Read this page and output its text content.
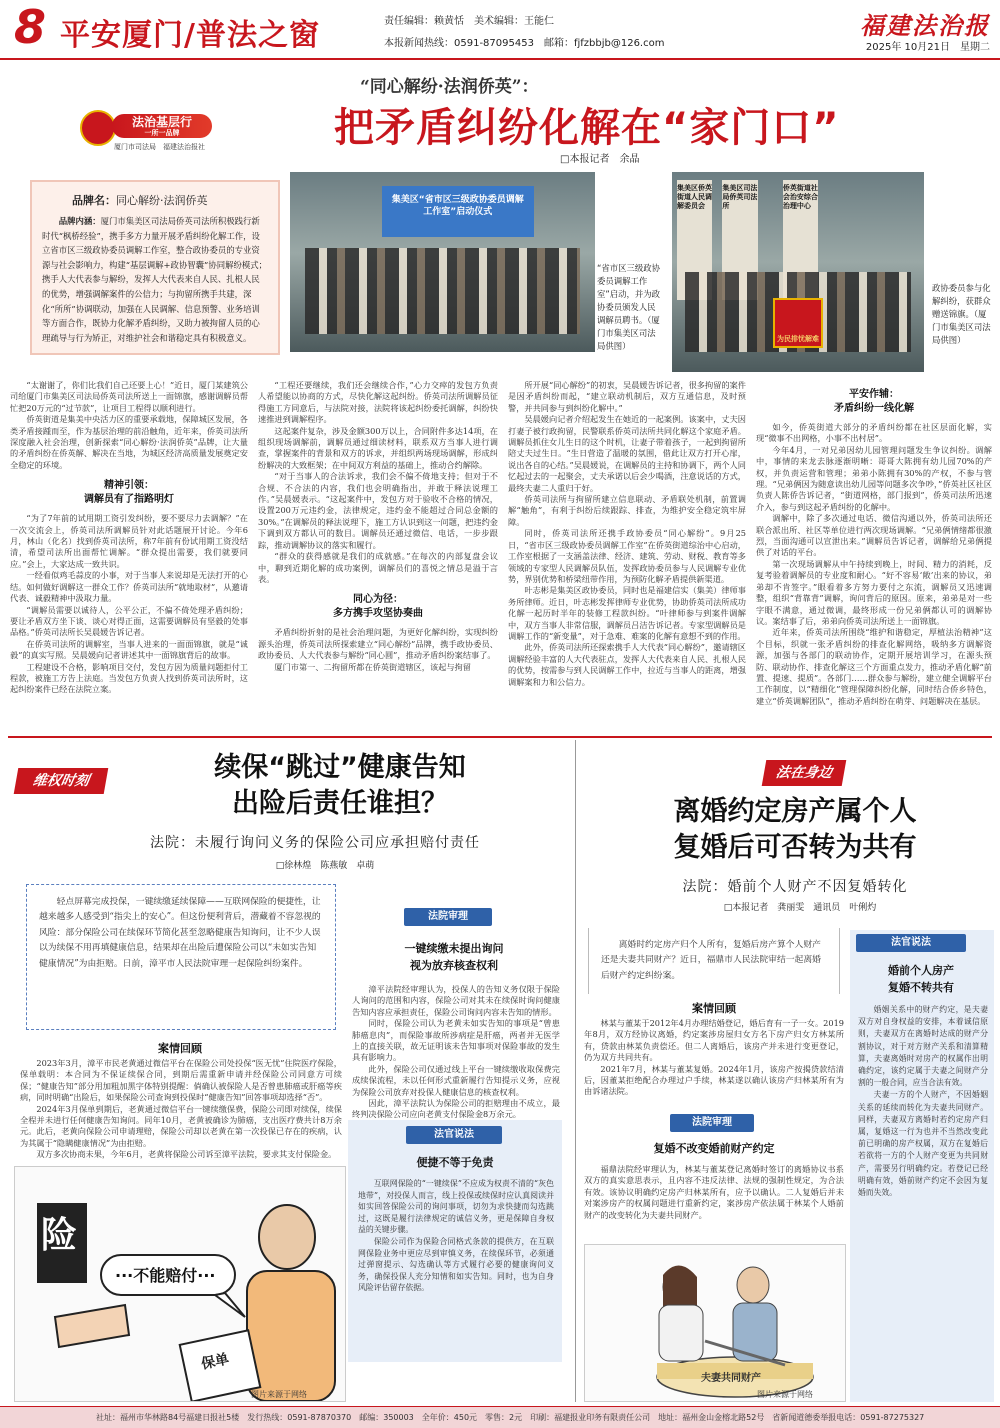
8 平安厦门/普法之窗	责任编辑：赖黄恬　美术编辑：王能仁
本报新闻热线：0591-87095453　邮箱：fjfzbbjb@126.com
福建法治报
2025年 10月21日　星期二
法治基层行
一所一品牌
厦门市司法局　福建法治报社
“同心解纷·法润侨英”：
把矛盾纠纷化解在“家门口”
□本报记者　余晶
品牌名：同心解纷·法润侨英
品牌内涵：厦门市集美区司法局侨英司法所积极践行新时代“枫桥经验”，携手多方力量开展矛盾纠纷化解工作，设立省市区三级政协委员调解工作室，整合政协委员的专业资源与社会影响力，构建“基层调解+政协智囊”协同解纷模式；携手人大代表参与解纷，发挥人大代表来自人民、扎根人民的优势，增强调解案件的公信力；与拘留所携手共建，深化“所所”协调联动，加强在人民调解、信息预警、业务培训等方面合作，既协力化解矛盾纠纷，又助力被拘留人员的心理疏导与行为矫正，对维护社会和谐稳定具有积极意义。
集美区“省市区三级政协委员调解工作室”启动仪式
“省市区三级政协委员调解工作室”启动，并为政协委员颁发人民调解员聘书。（厦门市集美区司法局供图）
集美区侨英街道人民调解委员会
集美区司法局侨英司法所
侨英街道社会治安综合治理中心
为民排忧解难
政协委员参与化解纠纷，获群众赠送锦旗。（厦门市集美区司法局供图）

“太谢谢了，你们比我们自己还要上心！”近日，厦门某建筑公司给厦门市集美区司法局侨英司法所送上一面锦旗，感谢调解员帮忙把20万元的“过节款”，让项目工程得以顺利进行。

侨英街道是集美中央活力区的重要承载地，保障城区发展，各类矛盾接踵而至，作为基层治理的前沿触角，近年来，侨英司法所深度融入社会治理，创新探索“同心解纷·法润侨英”品牌，让大量的矛盾纠纷在侨英解、解决在当地，为城区经济高质量发展奠定安全稳定的环境。

精神引领：
调解员有了指路明灯

“为了7年前的试用期工资引发纠纷，要不要尽力去调解？”在一次交流会上，侨英司法所调解员针对此话题展开讨论。今年6月，林山（化名）找到侨英司法所，称7年前有份试用期工资没结清，希望司法所出面帮忙调解。“群众提出需要，我们就要同应。”会上，大家达成一致共识。

一经看似鸡毛蒜皮的小事，对于当事人来说却是无法打开的心结。如何做好调解这一群众工作？侨英司法所“就地取材”，从邀请代表、诚毅精神中汲取力量。

“调解员需要以诚待人，公平公正，不偏不倚处理矛盾纠纷；要让矛盾双方坐下谈、谈心对得正面，这需要调解员有坚毅的处事品格。”侨英司法所长吴晨媛告诉记者。

在侨英司法所的调解室，当事人进来的一面面锦旗，就是“诚毅”的真实写照。吴晨媛向记者讲述其中一面锦旗背后的故事。

工程建设不合格，影响项目交付，发包方因为质量问题拒付工程款，被施工方告上法庭。当发包方负责人找到侨英司法所时，这起纠纷案件已经在法院立案。

“工程还要继续，我们还会继续合作，”心力交瘁的发包方负责人希望能以协商的方式，尽快化解这起纠纷。侨英司法所调解员征得施工方同意后，与法院对接，法院将该起纠纷委托调解，纠纷快速推进到调解程序。

这起案件复杂，涉及金额300万以上，合同附件多达14项，在组织现场调解前，调解员通过细读材料，联系双方当事人进行调查，掌握案件的背景和双方的诉求，并组织两场现场调解，形成纠纷解决的大致框架；在中间双方利益的基础上，推动合约解除。

“对于当事人的合法诉求，我们会不偏不倚地支持；但对于不合规、不合法的内容，我们也会明确指出，并敢于释法说理工作。”吴晨媛表示。“这起案件中，发包方对于验收不合格的情况，设置200万元违约金，法律规定，违约金不能超过合同总金额的30%。”在调解员的释法说理下，施工方认识到这一问题，把违约金下调到双方都认可的数目。调解员还通过微信、电话，一步步跟踪，推动调解协议的落实和履行。

“群众的获得感就是我们的成就感。”在每次的内部复盘会议中，聊到近期化解的成功案例，调解员们的喜悦之情总是溢于言表。

同心为径：
多方携手攻坚协奏曲

矛盾纠纷折射的是社会治理问题，为更好化解纠纷，实现纠纷源头治理，侨英司法所探索建立“同心解纷”品牌，携手政协委员、政协委员、人大代表参与解纷“同心圆”，推动矛盾纠纷案结事了。

厦门市第一、二拘留所都在侨英街道辖区，该起与拘留

所开展“同心解纷”的初衷，吴晨媛告诉记者，很多拘留的案件是因矛盾纠纷而起，“建立联动机制后，双方互通信息，及时预警，并共同参与到纠纷化解中。”

吴晨媛向记者介绍起发生在她近的一起案例。该案中，丈夫因打妻子被行政拘留，民警联系侨英司法所共同化解这个家庭矛盾。调解员抓住女儿生日的这个时机，让妻子带着孩子，一起到拘留所陪丈夫过生日。“生日营造了温暖的氛围，借此让双方打开心扉，说出各自的心结。”吴晨媛说，在调解员的主持和协调下，两个人同忆起过去的一起聚会，丈夫承诺以后会少喝酒，注意说话的方式，最终夫妻二人重归于好。

侨英司法所与拘留所建立信息联动、矛盾联处机制，前置调解“触角”，有利于纠纷后续跟踪、排查，为维护安全稳定筑牢屏障。

同时，侨英司法所还携手政协委员“同心解纷”。9月25日，“省市区三级政协委员调解工作室”在侨英街道综治中心启动，工作室根据了一支涵盖法律、经济、建筑、劳动、财税、教育等多领域的专家型人民调解员队伍，发挥政协委员参与人民调解专业优势，界别优势和桥梁纽带作用，为预防化解矛盾提供新渠道。

叶志彬是集美区政协委员，同时也是福建信实（集美）律师事务所律师。近日，叶志彬发挥律师专业优势，协助侨英司法所成功化解一起历时半年的装修工程款纠纷。“叶律师参与到案件调解中，双方当事人非常信服，调解员吕洁告诉记者。专家型调解员是调解工作的“新变量”，对于急难、难案的化解有意想不到的作用。

此外，侨英司法所还探索携手人大代表“同心解纷”，邀请辖区调解经验丰富的人大代表驻点，发挥人大代表来自人民、扎根人民的优势，按需参与到人民调解工作中，拉近与当事人的距离，增强调解案和力和公信力。

平安作辅：
矛盾纠纷一线化解

如今，侨英街道大部分的矛盾纠纷都在社区层面化解，实现“微事不出网格，小事不出村居”。

今年4月，一对兄弟因幼儿园管理问题发生争议纠纷。调解中，事情的来龙去脉逐渐明晰：哥哥大陈拥有幼儿园70%的产权，并负责运营和管理；弟弟小陈拥有30%的产权，不参与管理。“兄弟俩因为随意读出幼儿园等问题多次争吵，”侨英社区社区负责人陈侨告诉记者，“街道网格，部门报到”，侨英司法所迅速介入，参与到这起矛盾纠纷的化解中。

调解中，除了多次通过电话、微信沟通以外，侨英司法所还联合派出所、社区等单位进行两次现场调解。“兄弟俩情绪都很激烈，当面沟通可以宣泄出来。”调解员告诉记者，调解给兄弟俩提供了对话的平台。

第一次现场调解从中午持续到晚上，时间、精力的消耗，反复考验着调解员的专业度和耐心。“好不容易‘敞’出来的协议，弟弟却不肯签字。”眼看着多方努力要付之东流，调解员又迅速调整，组织“背靠背”调解，询问背后的原因。原来，弟弟是对一些字眼不满意，通过微调，最终形成一份兄弟俩都认可的调解协议。案结事了后，弟弟向侨英司法所送上一面锦旗。

近年来，侨英司法所围绕“维护和谐稳定，厚植法治精神”这个目标，织就一张矛盾纠纷的排查化解网络，吸纳多方调解资源，加强与各部门的联动协作，定期开展培训学习，在源头预防、联动协作、排查化解这三个方面重点发力，推动矛盾化解“前置、提速、提质”。各部门……群众参与解纷，建立健全调解平台工作制度，以“精细化”管理保障纠纷化解，同时结合侨乡特色，建立“侨英调解团队”，推动矛盾纠纷在萌芽、问题解决在基层。

维权时刻	续保“跳过”健康告知
出险后责任谁担？
法院：未履行询问义务的保险公司应承担赔付责任
□徐林煌　陈燕敏　卓萌
轻点屏幕完成投保，一键续缴延续保障——互联网保险的便捷性，让越来越多人感受到“指尖上的安心”。但这份便利背后，潜藏着不容忽视的风险：部分保险公司在续保环节简化甚至忽略健康告知询问，让不少人误以为续保不用再填健康信息，结果却在出险后遭保险公司以“未如实告知健康情况”为由拒赔。日前，漳平市人民法院审理一起保险纠纷案件。
案情回顾

2023年3月，漳平市民老黄通过微信平台在保险公司处投保“医无忧”住院医疗保险，保单载明：本合同为不保证续保合同，到期后需重新申请并经保险公司同意方可续保；“健康告知”部分用加粗加黑字体特别提醒：倘确认被保险人是否曾患肺癌或肝癌等疾病，同时明确“出险后，如果保险公司查询到投保时“健康告知”回答事项却选择“否”。

2024年3月保单到期后，老黄通过微信平台一键续缴保费，保险公司即对续保，续保全程并未进行任何健康告知询问。同年10月，老黄被确诊为肺癌，支出医疗费共计8万余元。此后，老黄向保险公司申请理赔，保险公司却以老黄在第一次投保已存在的疾病，认为其属于“隐瞒健康情况”为由拒赔。

双方多次协商未果，今年6月，老黄将保险公司诉至漳平法院，要求其支付保险金。

法院审理
一键续缴未提出询问
视为放弃核查权利

漳平法院经审理认为，投保人的告知义务仅限于保险人询问的范围和内容，保险公司对其未在续保时询问健康告知内容应承担责任，保险公司询问内容未告知的情形。

同时，保险公司认为老黄未如实告知的事项是“曾患肺癌息肉”，而保险事故所涉病症是肝癌，两者并无医学上的直接关联，故无证明该未告知事项对保险事故的发生具有影响力。

此外，保险公司仅通过线上平台一键续缴收取保费完成续保流程，未以任何形式重新履行告知提示义务，应视为保险公司放弃对投保人健康信息的核查权利。

因此，漳平法院认为保险公司的拒赔理由不成立，最终判决保险公司应向老黄支付保险金8万余元。

法官说法
便捷不等于免责

互联网保险的“一键续保”不应成为权责不清的“灰色地带”，对投保人而言，线上投保或续保时应认真阅读并如实回答保险公司的询问事项，切勿为求快捷而勾选跳过，这既是履行法律规定的诚信义务，更是保障自身权益的关键步骤。

保险公司作为保险合同格式条款的提供方，在互联网保险业务中更应尽到审慎义务，在续保环节，必须通过弹窗提示、勾选确认等方式履行必要的健康询问义务，确保投保人充分知情和如实告知。同时，也为自身风险评估留存依据。

险
···不能赔付···
保单
图片来源于网络
法在身边
离婚约定房产属个人
复婚后可否转为共有
法院：婚前个人财产不因复婚转化
□本报记者　龚丽雯　通讯员　叶俐灼
离婚时约定房产归个人所有，复婚后房产算个人财产还是夫妻共同财产？近日，福鼎市人民法院审结一起离婚后财产约定纠纷案。
案情回顾

林某与董某于2012年4月办理结婚登记，婚后育有一子一女。2019年8月，双方经协议离婚，约定案涉房屋归女方名下房产归女方林某所有，贷款由林某负责偿还。但二人离婚后，该房产并未进行变更登记，仍为双方共同共有。

2021年7月，林某与董某复婚。2024年1月，该房产按揭贷款结清后，因董某拒绝配合办理过户手续，林某遂以确认该房产归林某所有为由诉诸法院。

法院审理
复婚不改变婚前财产约定

福鼎法院经审理认为，林某与董某登记离婚时签订的离婚协议书系双方的真实意思表示，且内容不违反法律、法规的强制性规定，为合法有效。该协议明确约定房产归林某所有，应予以确认。二人复婚后并未对案涉房产的权属问题进行重新约定，案涉房产依法属于林某个人婚前财产的改变转化为夫妻共同财产。

法官说法
婚前个人房产
复婚不转共有

婚姻关系中的财产约定，是夫妻双方对自身权益的安排，本着诚信原则，夫妻双方在离婚时达成的财产分割协议，对于对方财产关系和清算精算，夫妻离婚时对房产的权属作出明确约定，该约定属于夫妻之间财产分割的一般合同，应当合法有效。

夫妻一方的个人财产，不因婚姻关系的延续而转化为夫妻共同财产。同样，夫妻双方离婚时若约定房产归属，复婚这一行为也并不当然改变此前已明确的房产权属，双方在复婚后若欲将一方的个人财产变更为共同财产，需要另行明确约定。若登记已经明确有效，婚前财产约定不会因为复婚而失效。

夫妻共同财产
图片来源于网络
社址：福州市华林路84号福建日报社5楼　发行热线：0591-87870370　邮编：350003　全年价：450元　零售：2元　印刷：福建报业印务有限责任公司　地址：福州金山金榕北路52号　省新闻道德委举报电话：0591-87275327
